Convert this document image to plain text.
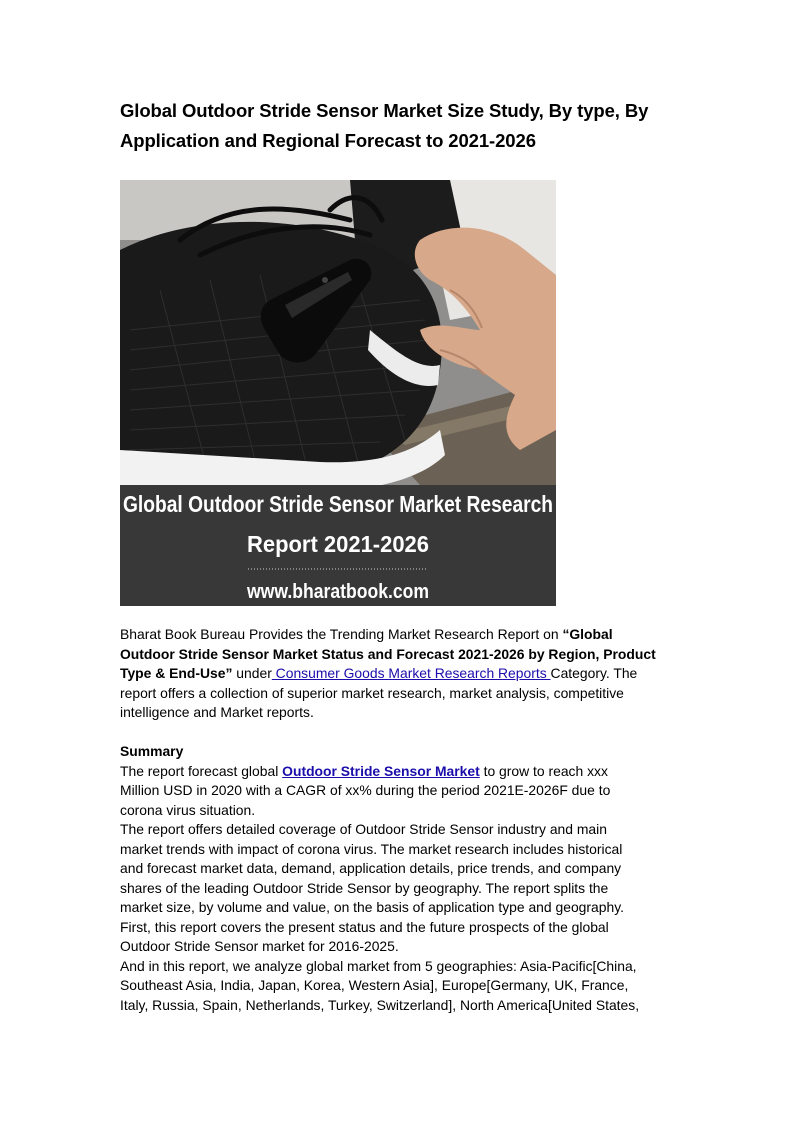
Global Outdoor Stride Sensor Market Size Study, By type, By
Application and Regional Forecast to 2021-2026
Global Outdoor Stride Sensor Market Research
Report 2021-2026
www.bharatbook.com
Bharat Book Bureau Provides the Trending Market Research Report on “Global
Outdoor Stride Sensor Market Status and Forecast 2021-2026 by Region, Product
Type & End-Use” under Consumer Goods Market Research Reports Category. The
report offers a collection of superior market research, market analysis, competitive
intelligence and Market reports.
Summary
The report forecast global Outdoor Stride Sensor Market to grow to reach xxx
Million USD in 2020 with a CAGR of xx% during the period 2021E-2026F due to
corona virus situation.
The report offers detailed coverage of Outdoor Stride Sensor industry and main
market trends with impact of corona virus. The market research includes historical
and forecast market data, demand, application details, price trends, and company
shares of the leading Outdoor Stride Sensor by geography. The report splits the
market size, by volume and value, on the basis of application type and geography.
First, this report covers the present status and the future prospects of the global
Outdoor Stride Sensor market for 2016-2025.
And in this report, we analyze global market from 5 geographies: Asia-Pacific[China,
Southeast Asia, India, Japan, Korea, Western Asia], Europe[Germany, UK, France,
Italy, Russia, Spain, Netherlands, Turkey, Switzerland], North America[United States,
